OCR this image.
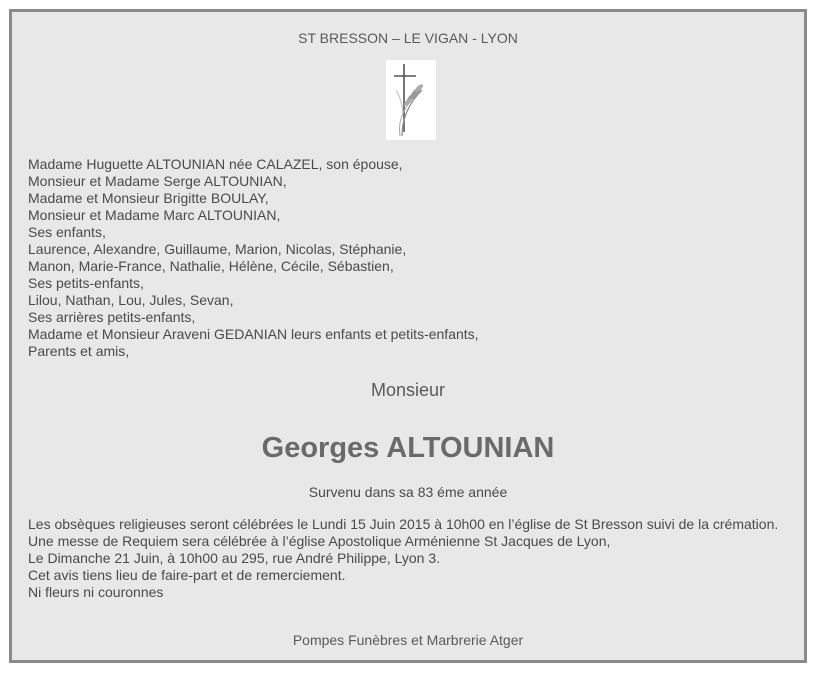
ST BRESSON – LE VIGAN - LYON
Madame Huguette ALTOUNIAN née CALAZEL, son épouse,
Monsieur et Madame Serge ALTOUNIAN,
Madame et Monsieur Brigitte BOULAY,
Monsieur et Madame Marc ALTOUNIAN,
Ses enfants,
Laurence, Alexandre, Guillaume, Marion, Nicolas, Stéphanie,
Manon, Marie-France, Nathalie, Hélène, Cécile, Sébastien,
Ses petits-enfants,
Lilou, Nathan, Lou, Jules, Sevan,
Ses arrières petits-enfants,
Madame et Monsieur Araveni GEDANIAN leurs enfants et petits-enfants,
Parents et amis,
Monsieur
Georges ALTOUNIAN
Survenu dans sa 83 éme année
Les obsèques religieuses seront célébrées le Lundi 15 Juin 2015 à 10h00 en l’église de St Bresson suivi de la crémation.
Une messe de Requiem sera célébrée à l’église Apostolique Arménienne St Jacques de Lyon,
Le Dimanche 21 Juin, à 10h00 au 295, rue André Philippe, Lyon 3.
Cet avis tiens lieu de faire-part et de remerciement.
Ni fleurs ni couronnes
Pompes Funèbres et Marbrerie Atger
